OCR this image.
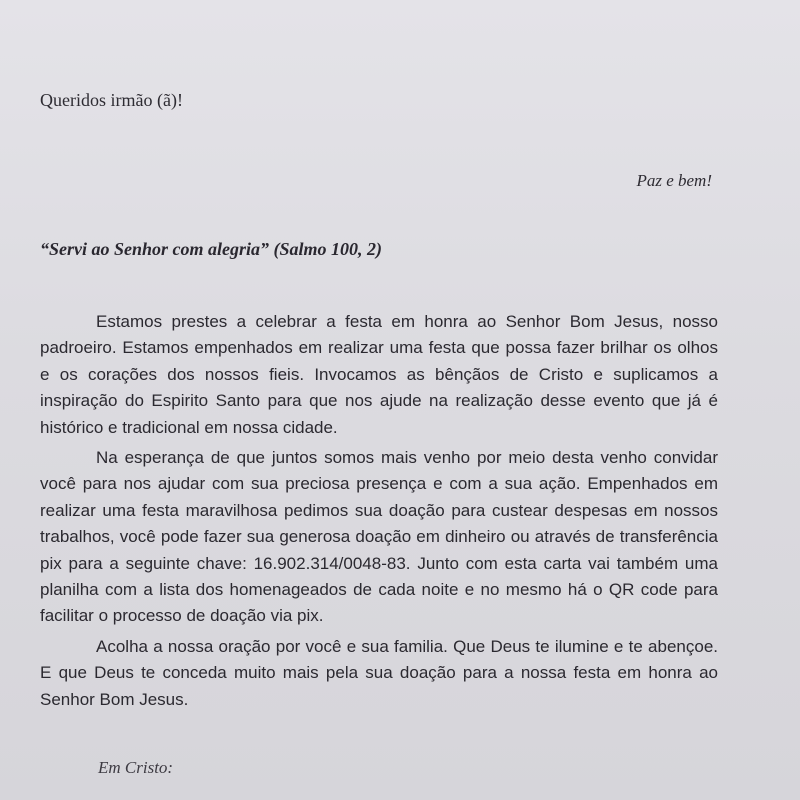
Queridos irmão (ã)!
Paz e bem!
“Servi ao Senhor com alegria” (Salmo 100, 2)

Estamos prestes a celebrar a festa em honra ao Senhor Bom Jesus, nosso padroeiro. Estamos empenhados em realizar uma festa que possa fazer brilhar os olhos e os corações dos nossos fieis. Invocamos as bênçãos de Cristo e suplicamos a inspiração do Espirito Santo para que nos ajude na realização desse evento que já é histórico e tradicional em nossa cidade.

Na esperança de que juntos somos mais venho por meio desta venho convidar você para nos ajudar com sua preciosa presença e com a sua ação. Empenhados em realizar uma festa maravilhosa pedimos sua doação para custear despesas em nossos trabalhos, você pode fazer sua generosa doação em dinheiro ou através de transferência pix para a seguinte chave: 16.902.314/0048-83. Junto com esta carta vai também uma planilha com a lista dos homenageados de cada noite e no mesmo há o QR code para facilitar o processo de doação via pix.

Acolha a nossa oração por você e sua familia. Que Deus te ilumine e te abençoe. E que Deus te conceda muito mais pela sua doação para a nossa festa em honra ao Senhor Bom Jesus.

Em Cristo:
